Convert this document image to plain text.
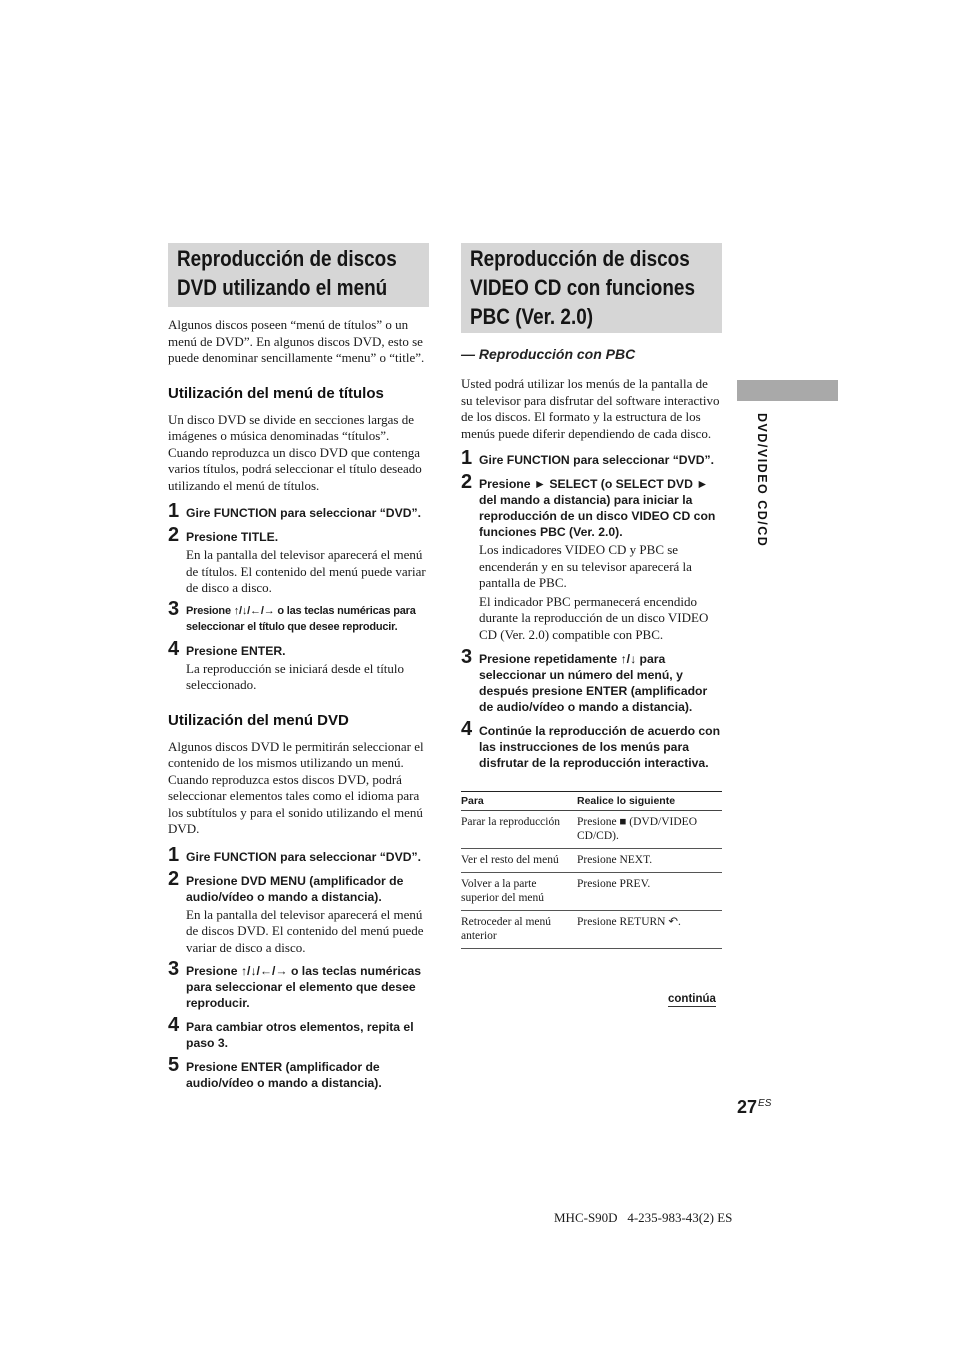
Reproducción de discos
DVD utilizando el menú

Algunos discos poseen “menú de títulos” o un menú de DVD”. En algunos discos DVD, esto se puede denominar sencillamente “menu” o “title”.

Utilización del menú de títulos

Un disco DVD se divide en secciones largas de imágenes o música denominadas “títulos”. Cuando reproduzca un disco DVD que contenga varios títulos, podrá seleccionar el título deseado utilizando el menú de títulos.

1 Gire FUNCTION para seleccionar “DVD”.

2 Presione TITLE.

En la pantalla del televisor aparecerá el menú de títulos. El contenido del menú puede variar de disco a disco.

3 Presione ↑/↓/←/→ o las teclas numéricas para seleccionar el título que desee reproducir.

4 Presione ENTER.

La reproducción se iniciará desde el título seleccionado.

Utilización del menú DVD

Algunos discos DVD le permitirán seleccionar el contenido de los mismos utilizando un menú. Cuando reproduzca estos discos DVD, podrá seleccionar elementos tales como el idioma para los subtítulos y para el sonido utilizando el menú DVD.

1 Gire FUNCTION para seleccionar “DVD”.

2 Presione DVD MENU (amplificador de audio/vídeo o mando a distancia).

En la pantalla del televisor aparecerá el menú de discos DVD. El contenido del menú puede variar de disco a disco.

3 Presione ↑/↓/←/→ o las teclas numéricas para seleccionar el elemento que desee reproducir.

4 Para cambiar otros elementos, repita el paso 3.

5 Presione ENTER (amplificador de audio/vídeo o mando a distancia).

Reproducción de discos
VIDEO CD con funciones
PBC (Ver. 2.0)

— Reproducción con PBC

Usted podrá utilizar los menús de la pantalla de su televisor para disfrutar del software interactivo de los discos. El formato y la estructura de los menús puede diferir dependiendo de cada disco.

1 Gire FUNCTION para seleccionar “DVD”.

2 Presione ► SELECT (o SELECT DVD ► del mando a distancia) para iniciar la reproducción de un disco VIDEO CD con funciones PBC (Ver. 2.0).

Los indicadores VIDEO CD y PBC se encenderán y en su televisor aparecerá la pantalla de PBC.

El indicador PBC permanecerá encendido durante la reproducción de un disco VIDEO CD (Ver. 2.0) compatible con PBC.

3 Presione repetidamente ↑/↓ para seleccionar un número del menú, y después presione ENTER (amplificador de audio/vídeo o mando a distancia).

4 Continúe la reproducción de acuerdo con las instrucciones de los menús para disfrutar de la reproducción interactiva.

Para	Realice lo siguiente
Parar la reproducción	Presione ■ (DVD/VIDEO CD/CD).
Ver el resto del menú	Presione NEXT.
Volver a la parte superior del menú	Presione PREV.
Retroceder al menú anterior	Presione RETURN ↶.
continúa
DVD/VIDEO CD/CD
$27^{ES}$
MHC-S90D   4-235-983-43(2) ES
